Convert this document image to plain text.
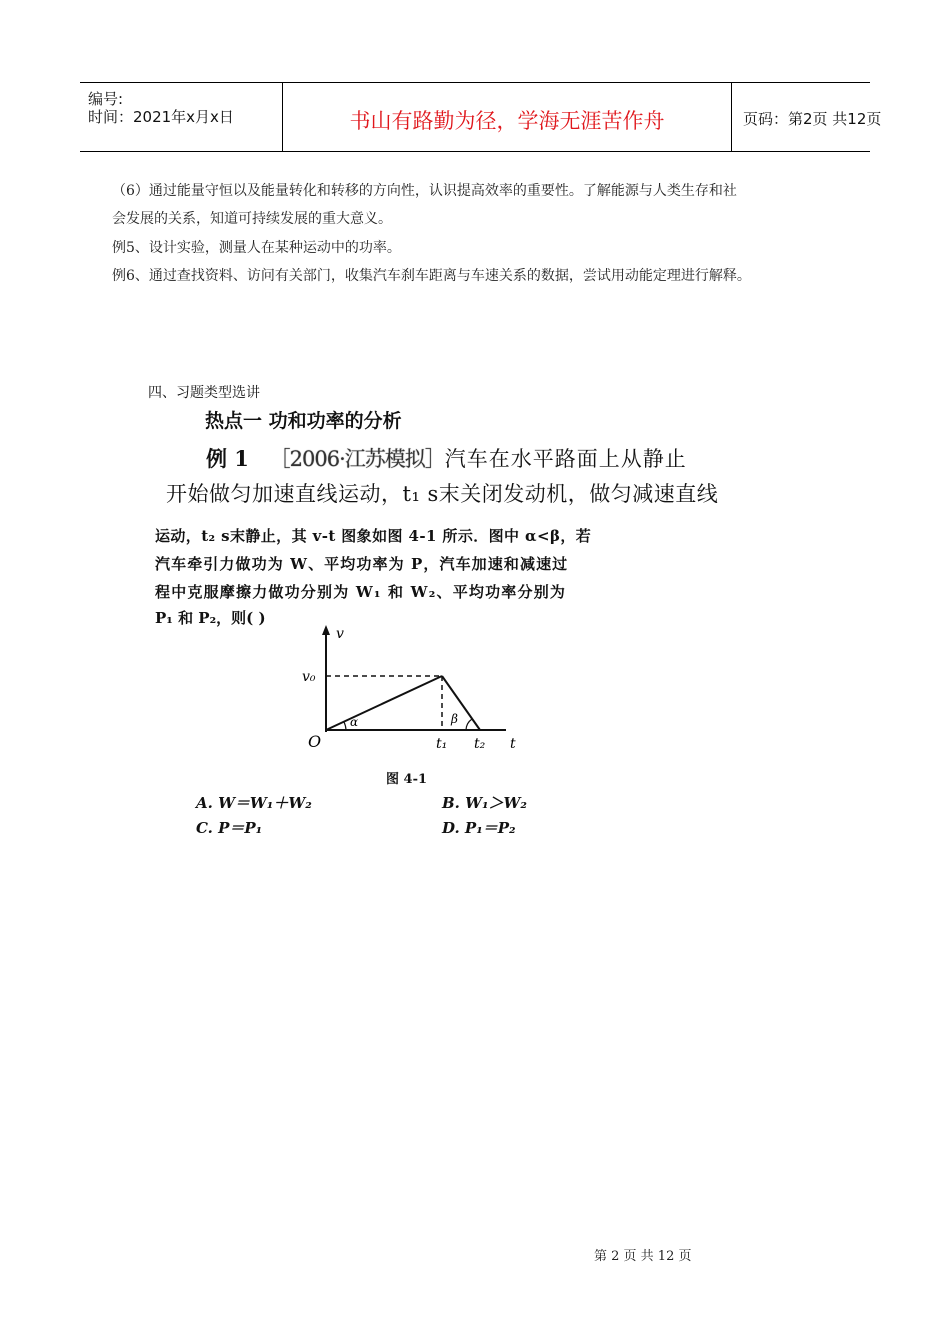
编号:
时间：2021年x月x日	书山有路勤为径，学海无涯苦作舟	页码：第2页 共12页
（6）通过能量守恒以及能量转化和转移的方向性，认识提高效率的重要性。了解能源与人类生存和社
会发展的关系，知道可持续发展的重大意义。
例5、设计实验，测量人在某种运动中的功率。
例6、通过查找资料、访问有关部门，收集汽车刹车距离与车速关系的数据，尝试用动能定理进行解释。
四、习题类型选讲
热点一 功和功率的分析
例 1 ［2006·江苏模拟］汽车在水平路面上从静止
开始做匀加速直线运动，t₁ s末关闭发动机，做匀减速直线
运动，t₂ s末静止，其 v-t 图象如图 4-1 所示．图中 α<β，若
汽车牵引力做功为 W、平均功率为 P，汽车加速和减速过
程中克服摩擦力做功分别为 W₁ 和 W₂、平均功率分别为
P₁ 和 P₂，则( )
v
v₀
O
α	β
t₁ t₂ t
图 4-1
A. W＝W₁＋W₂	B. W₁＞W₂
C. P＝P₁	D. P₁＝P₂
第 2 页 共 12 页
